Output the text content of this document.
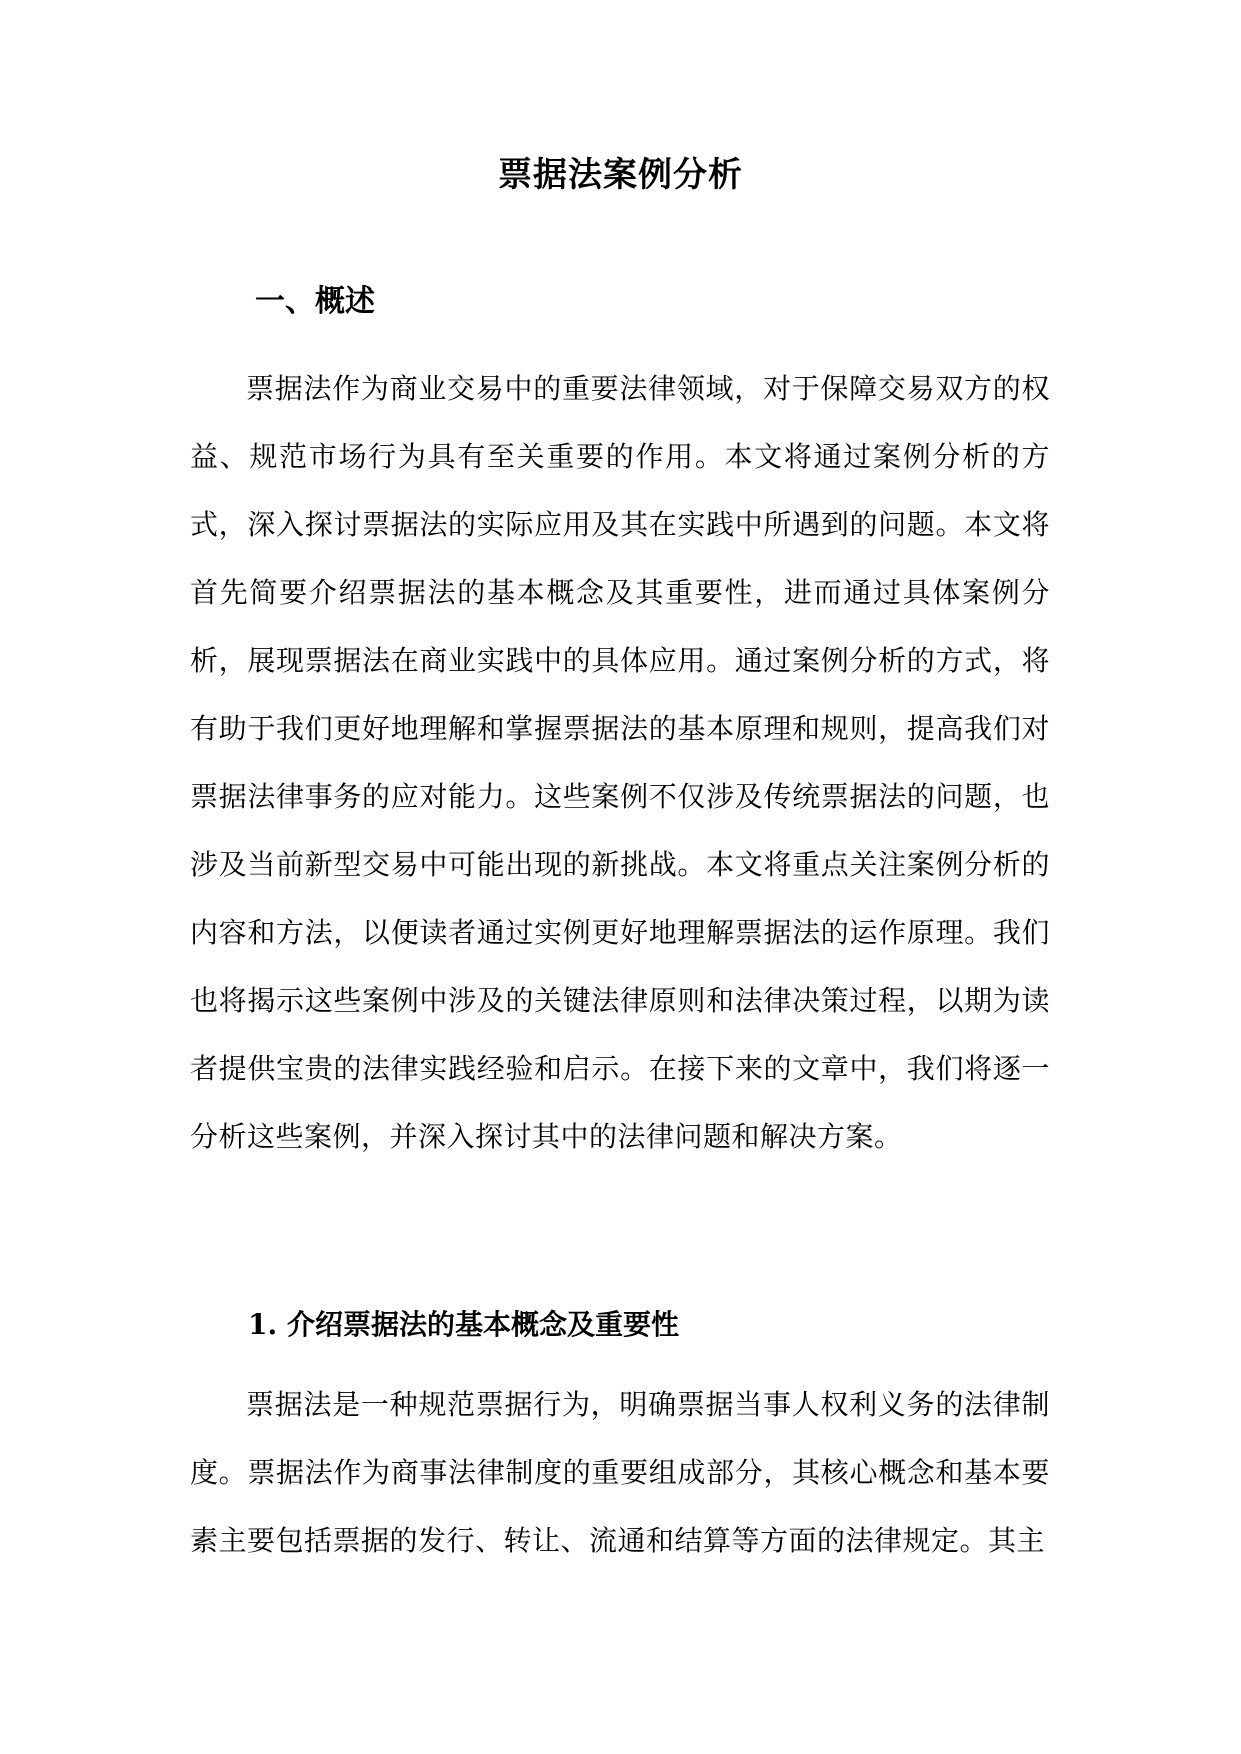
票据法案例分析
一、概述
票据法作为商业交易中的重要法律领域，对于保障交易双方的权益、规范市场行为具有至关重要的作用。本文将通过案例分析的方式，深入探讨票据法的实际应用及其在实践中所遇到的问题。本文将首先简要介绍票据法的基本概念及其重要性，进而通过具体案例分析，展现票据法在商业实践中的具体应用。通过案例分析的方式，将有助于我们更好地理解和掌握票据法的基本原理和规则，提高我们对票据法律事务的应对能力。这些案例不仅涉及传统票据法的问题，也涉及当前新型交易中可能出现的新挑战。本文将重点关注案例分析的内容和方法，以便读者通过实例更好地理解票据法的运作原理。我们也将揭示这些案例中涉及的关键法律原则和法律决策过程，以期为读者提供宝贵的法律实践经验和启示。在接下来的文章中，我们将逐一分析这些案例，并深入探讨其中的法律问题和解决方案。
1. 介绍票据法的基本概念及重要性
票据法是一种规范票据行为，明确票据当事人权利义务的法律制度。票据法作为商事法律制度的重要组成部分，其核心概念和基本要素主要包括票据的发行、转让、流通和结算等方面的法律规定。其主
